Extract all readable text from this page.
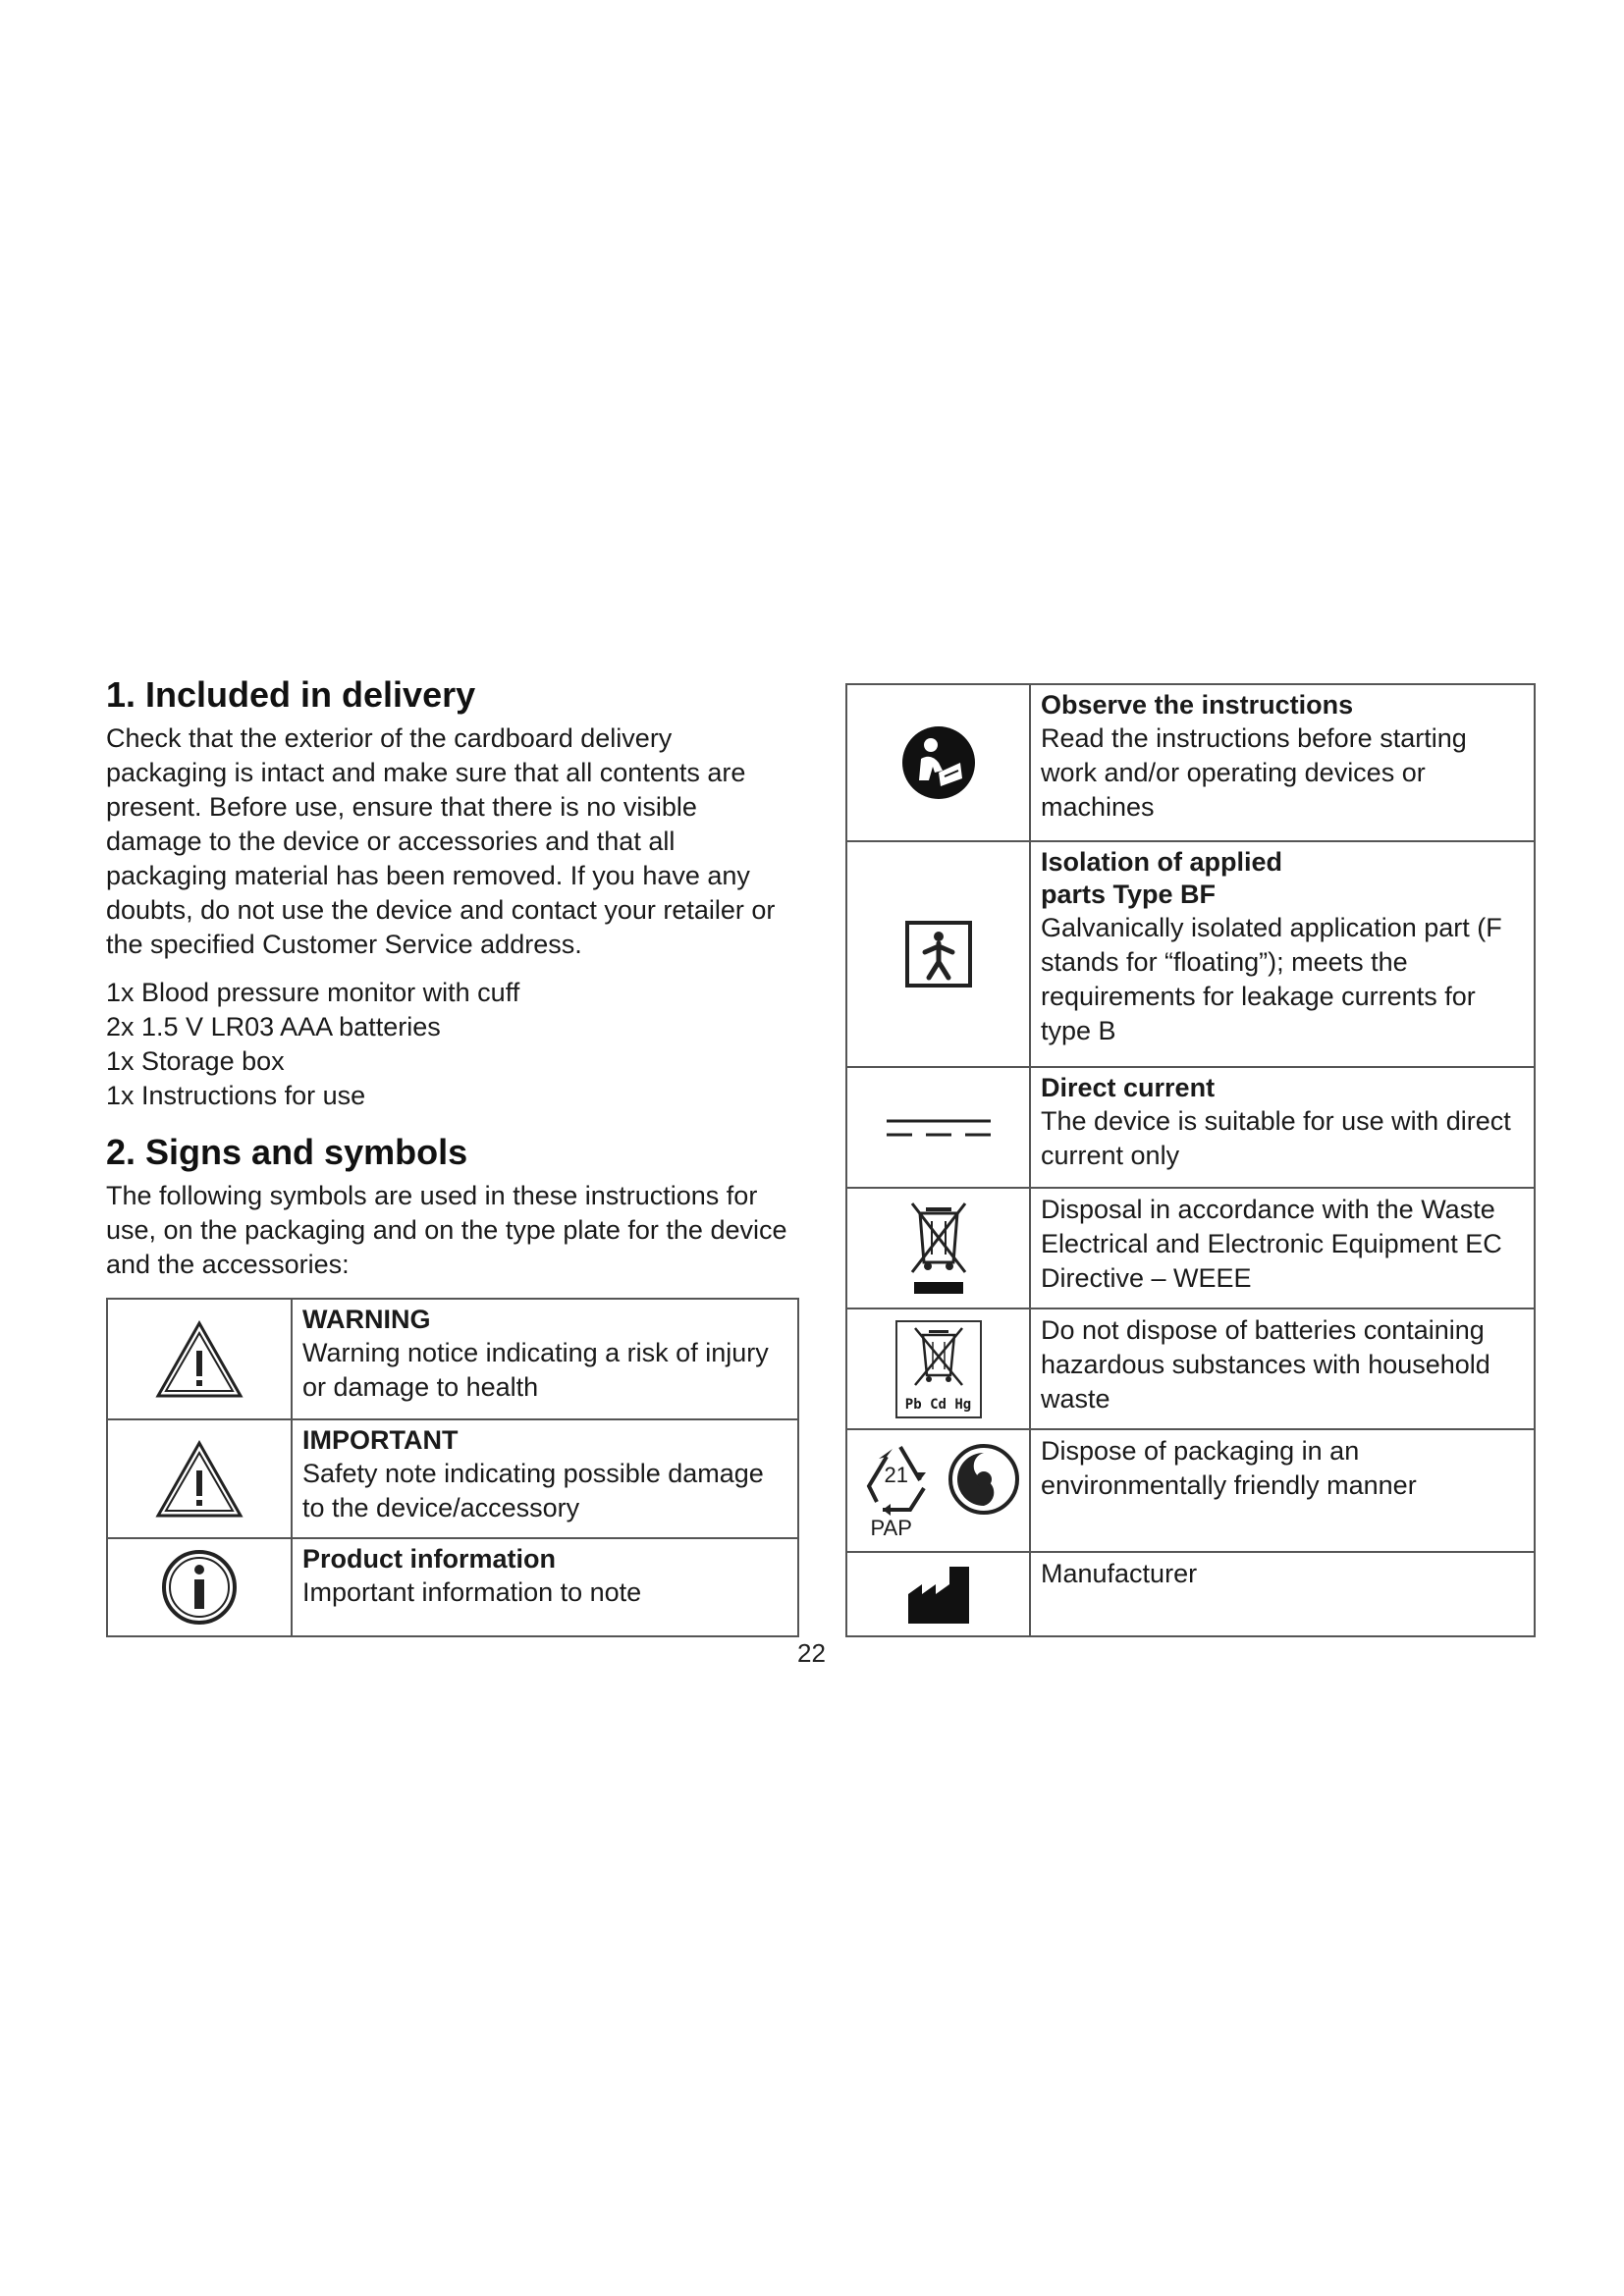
1. Included in delivery

Check that the exterior of the cardboard delivery packaging is intact and make sure that all contents are present. Before use, ensure that there is no visible damage to the device or accessories and that all packaging material has been removed. If you have any doubts, do not use the device and contact your retailer or the specified Customer Service address.

1x Blood pressure monitor with cuff
2x 1.5 V LR03 AAA batteries
1x Storage box
1x Instructions for use
2. Signs and symbols

The following symbols are used in these instructions for use, on the packaging and on the type plate for the device and the accessories:

WARNING
Warning notice indicating a risk of injury or damage to health

IMPORTANT
Safety note indicating possible damage to the device/accessory

Product information
Important information to note

Observe the instructions
Read the instructions before starting work and/or operating devices or machines

Isolation of applied parts Type BF
Galvanically isolated application part (F stands for “floating”); meets the requirements for leakage currents for type B

Direct current
The device is suitable for use with direct current only

Disposal in accordance with the Waste Electrical and Electronic Equipment EC Directive – WEEE

Pb Cd Hg	Do not dispose of batteries containing hazardous substances with household waste

21
PAP	Dispose of packaging in an environmentally friendly manner

Manufacturer
22
